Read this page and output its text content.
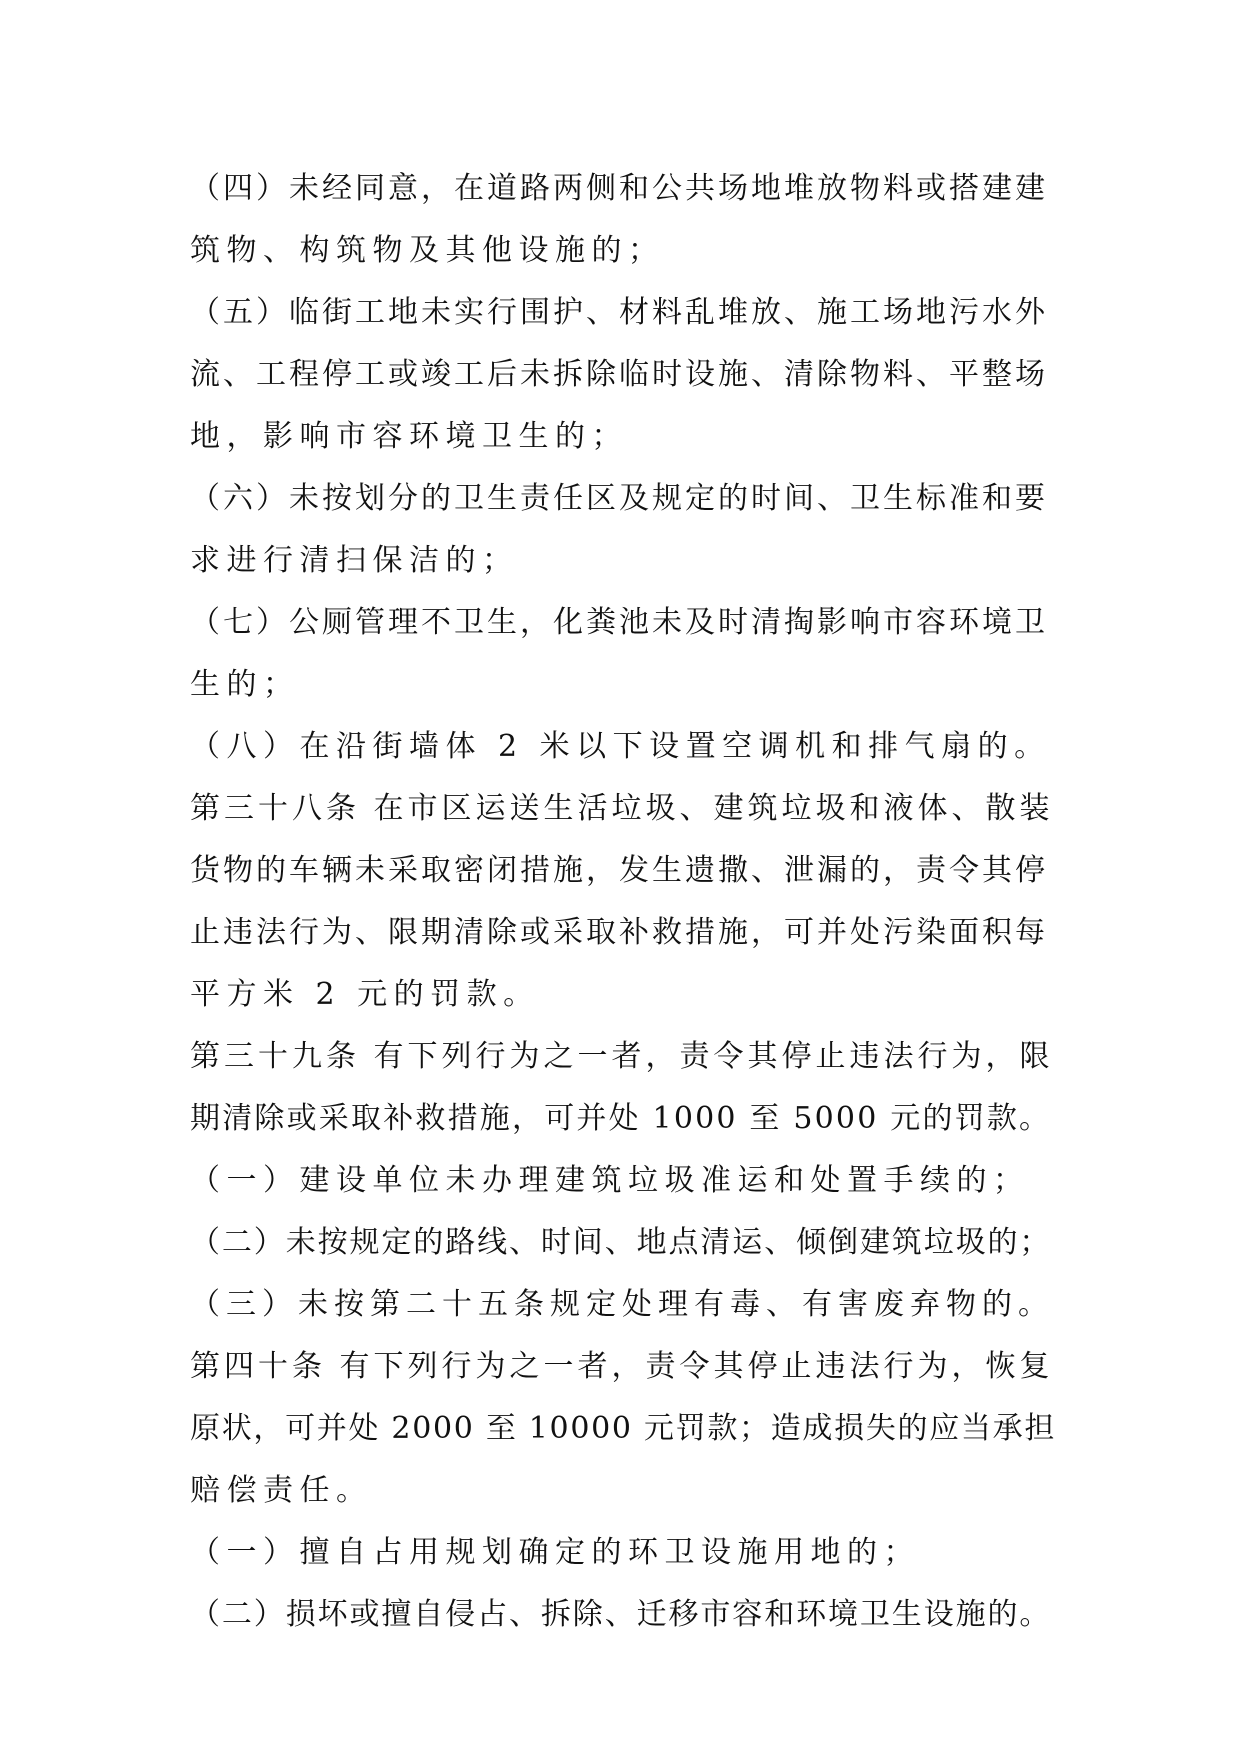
（四）未经同意，在道路两侧和公共场地堆放物料或搭建建
筑物、构筑物及其他设施的；
（五）临街工地未实行围护、材料乱堆放、施工场地污水外
流、工程停工或竣工后未拆除临时设施、清除物料、平整场
地，影响市容环境卫生的；
（六）未按划分的卫生责任区及规定的时间、卫生标准和要
求进行清扫保洁的；
（七）公厕管理不卫生，化粪池未及时清掏影响市容环境卫
生的；
（八）在沿街墙体 2 米以下设置空调机和排气扇的。
第三十八条 在市区运送生活垃圾、建筑垃圾和液体、散装
货物的车辆未采取密闭措施，发生遗撒、泄漏的，责令其停
止违法行为、限期清除或采取补救措施，可并处污染面积每
平方米 2 元的罚款。
第三十九条 有下列行为之一者，责令其停止违法行为，限
期清除或采取补救措施，可并处 1000 至 5000 元的罚款。
（一）建设单位未办理建筑垃圾准运和处置手续的；
（二）未按规定的路线、时间、地点清运、倾倒建筑垃圾的；
（三）未按第二十五条规定处理有毒、有害废弃物的。
第四十条 有下列行为之一者，责令其停止违法行为，恢复
原状，可并处 2000 至 10000 元罚款；造成损失的应当承担
赔偿责任。
（一）擅自占用规划确定的环卫设施用地的；
（二）损坏或擅自侵占、拆除、迁移市容和环境卫生设施的。
